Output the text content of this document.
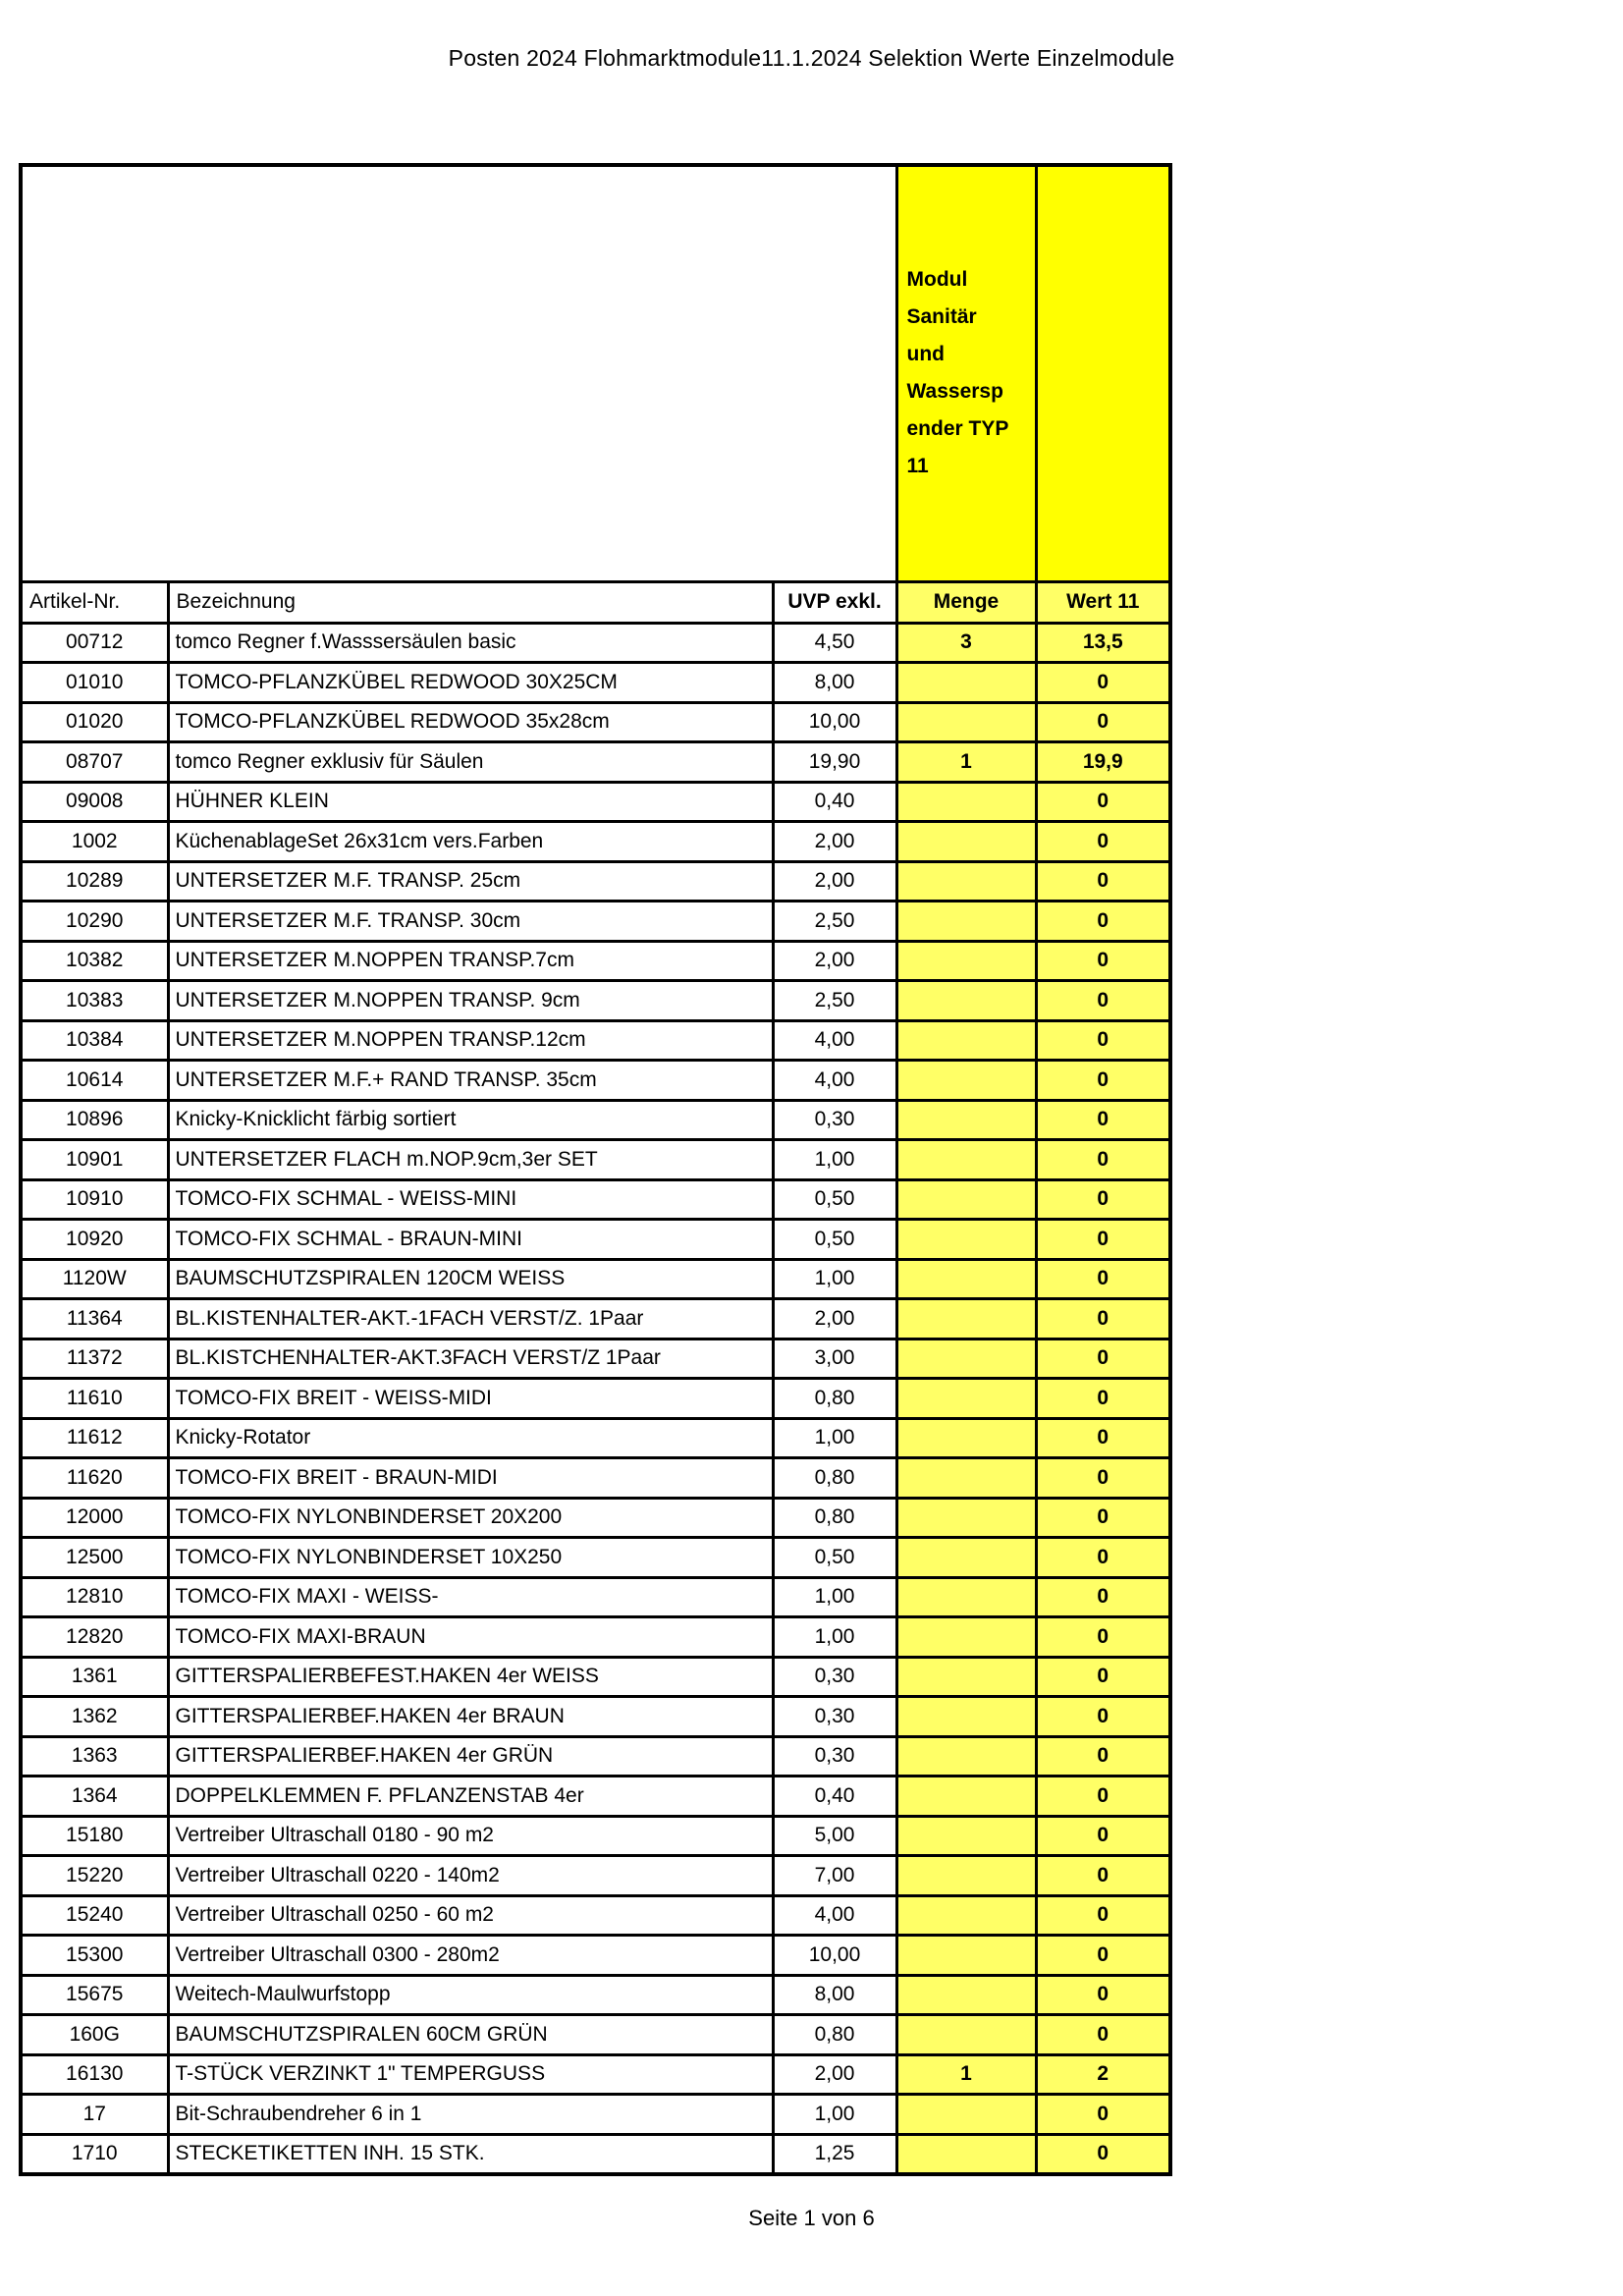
Posten 2024 Flohmarktmodule11.1.2024 Selektion Werte Einzelmodule

Modul
Sanitär
und
Wassersp
ender TYP
11

Artikel-Nr.	Bezeichnung	UVP exkl.	Menge	Wert 11
00712	tomco Regner f.Wasssersäulen basic	4,50	3	13,5
01010	TOMCO-PFLANZKÜBEL REDWOOD 30X25CM	8,00		0
01020	TOMCO-PFLANZKÜBEL REDWOOD 35x28cm	10,00		0
08707	tomco Regner exklusiv für Säulen	19,90	1	19,9
09008	HÜHNER KLEIN	0,40		0
1002	KüchenablageSet 26x31cm vers.Farben	2,00		0
10289	UNTERSETZER M.F. TRANSP. 25cm	2,00		0
10290	UNTERSETZER M.F. TRANSP. 30cm	2,50		0
10382	UNTERSETZER M.NOPPEN TRANSP.7cm	2,00		0
10383	UNTERSETZER M.NOPPEN TRANSP. 9cm	2,50		0
10384	UNTERSETZER M.NOPPEN TRANSP.12cm	4,00		0
10614	UNTERSETZER M.F.+ RAND TRANSP. 35cm	4,00		0
10896	Knicky-Knicklicht färbig sortiert	0,30		0
10901	UNTERSETZER FLACH m.NOP.9cm,3er SET	1,00		0
10910	TOMCO-FIX SCHMAL - WEISS-MINI	0,50		0
10920	TOMCO-FIX SCHMAL - BRAUN-MINI	0,50		0
1120W	BAUMSCHUTZSPIRALEN 120CM WEISS	1,00		0
11364	BL.KISTENHALTER-AKT.-1FACH VERST/Z. 1Paar	2,00		0
11372	BL.KISTCHENHALTER-AKT.3FACH VERST/Z 1Paar	3,00		0
11610	TOMCO-FIX BREIT - WEISS-MIDI	0,80		0
11612	Knicky-Rotator	1,00		0
11620	TOMCO-FIX BREIT - BRAUN-MIDI	0,80		0
12000	TOMCO-FIX NYLONBINDERSET 20X200	0,80		0
12500	TOMCO-FIX NYLONBINDERSET 10X250	0,50		0
12810	TOMCO-FIX MAXI - WEISS-	1,00		0
12820	TOMCO-FIX MAXI-BRAUN	1,00		0
1361	GITTERSPALIERBEFEST.HAKEN 4er WEISS	0,30		0
1362	GITTERSPALIERBEF.HAKEN 4er BRAUN	0,30		0
1363	GITTERSPALIERBEF.HAKEN 4er GRÜN	0,30		0
1364	DOPPELKLEMMEN F. PFLANZENSTAB 4er	0,40		0
15180	Vertreiber Ultraschall 0180 - 90 m2	5,00		0
15220	Vertreiber Ultraschall 0220 - 140m2	7,00		0
15240	Vertreiber Ultraschall 0250 - 60 m2	4,00		0
15300	Vertreiber Ultraschall 0300 - 280m2	10,00		0
15675	Weitech-Maulwurfstopp	8,00		0
160G	BAUMSCHUTZSPIRALEN 60CM GRÜN	0,80		0
16130	T-STÜCK VERZINKT 1" TEMPERGUSS	2,00	1	2
17	Bit-Schraubendreher 6 in 1	1,00		0
1710	STECKETIKETTEN INH. 15 STK.	1,25		0
Seite 1 von 6
